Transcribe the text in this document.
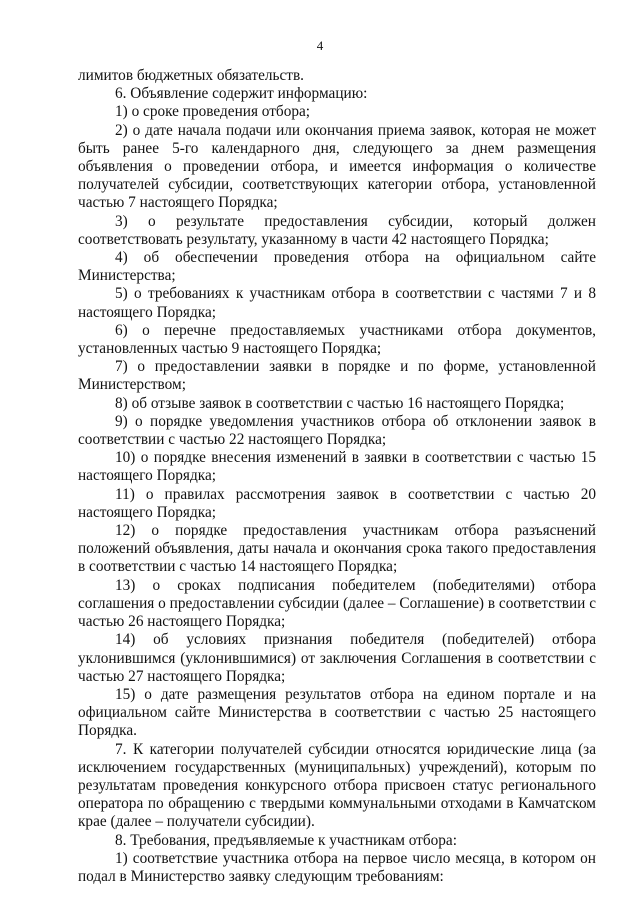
4

лимитов бюджетных обязательств.

6. Объявление содержит информацию:

1) о сроке проведения отбора;

2) о дате начала подачи или окончания приема заявок, которая не может быть ранее 5-го календарного дня, следующего за днем размещения объявления о проведении отбора, и имеется информация о количестве получателей субсидии, соответствующих категории отбора, установленной частью 7 настоящего Порядка;

3) о результате предоставления субсидии, который должен соответствовать результату, указанному в части 42 настоящего Порядка;

4) об обеспечении проведения отбора на официальном сайте Министерства;

5) о требованиях к участникам отбора в соответствии с частями 7 и 8 настоящего Порядка;

6) о перечне предоставляемых участниками отбора документов, установленных частью 9 настоящего Порядка;

7) о предоставлении заявки в порядке и по форме, установленной Министерством;

8) об отзыве заявок в соответствии с частью 16 настоящего Порядка;

9) о порядке уведомления участников отбора об отклонении заявок в соответствии с частью 22 настоящего Порядка;

10) о порядке внесения изменений в заявки в соответствии с частью 15 настоящего Порядка;

11) о правилах рассмотрения заявок в соответствии с частью 20 настоящего Порядка;

12) о порядке предоставления участникам отбора разъяснений положений объявления, даты начала и окончания срока такого предоставления в соответствии с частью 14 настоящего Порядка;

13) о сроках подписания победителем (победителями) отбора соглашения о предоставлении субсидии (далее – Соглашение) в соответствии с частью 26 настоящего Порядка;

14) об условиях признания победителя (победителей) отбора уклонившимся (уклонившимися) от заключения Соглашения в соответствии с частью 27 настоящего Порядка;

15) о дате размещения результатов отбора на едином портале и на официальном сайте Министерства в соответствии с частью 25 настоящего Порядка.

7. К категории получателей субсидии относятся юридические лица (за исключением государственных (муниципальных) учреждений), которым по результатам проведения конкурсного отбора присвоен статус регионального оператора по обращению с твердыми коммунальными отходами в Камчатском крае (далее – получатели субсидии).

8. Требования, предъявляемые к участникам отбора:

1) соответствие участника отбора на первое число месяца, в котором он подал в Министерство заявку следующим требованиям:
